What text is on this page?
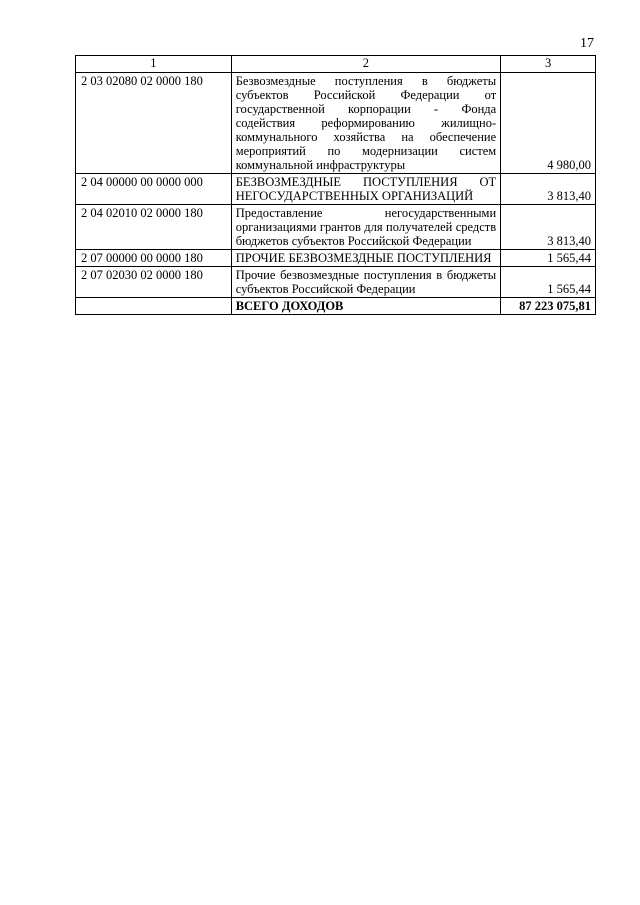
17
1	2	3
2 03 02080 02 0000 180	Безвозмездные поступления в бюджеты субъектов Российской Федерации от государственной корпорации - Фонда содействия реформированию жилищно-коммунального хозяйства на обеспечение мероприятий по модернизации систем коммунальной инфраструктуры	4 980,00
2 04 00000 00 0000 000	БЕЗВОЗМЕЗДНЫЕ ПОСТУПЛЕНИЯ ОТ НЕГОСУДАРСТВЕННЫХ ОРГАНИЗАЦИЙ	3 813,40
2 04 02010 02 0000 180	Предоставление негосударственными организациями грантов для получателей средств бюджетов субъектов Российской Федерации	3 813,40
2 07 00000 00 0000 180	ПРОЧИЕ БЕЗВОЗМЕЗДНЫЕ ПОСТУПЛЕНИЯ	1 565,44
2 07 02030 02 0000 180	Прочие безвозмездные поступления в бюджеты субъектов Российской Федерации	1 565,44
	ВСЕГО ДОХОДОВ	87 223 075,81
